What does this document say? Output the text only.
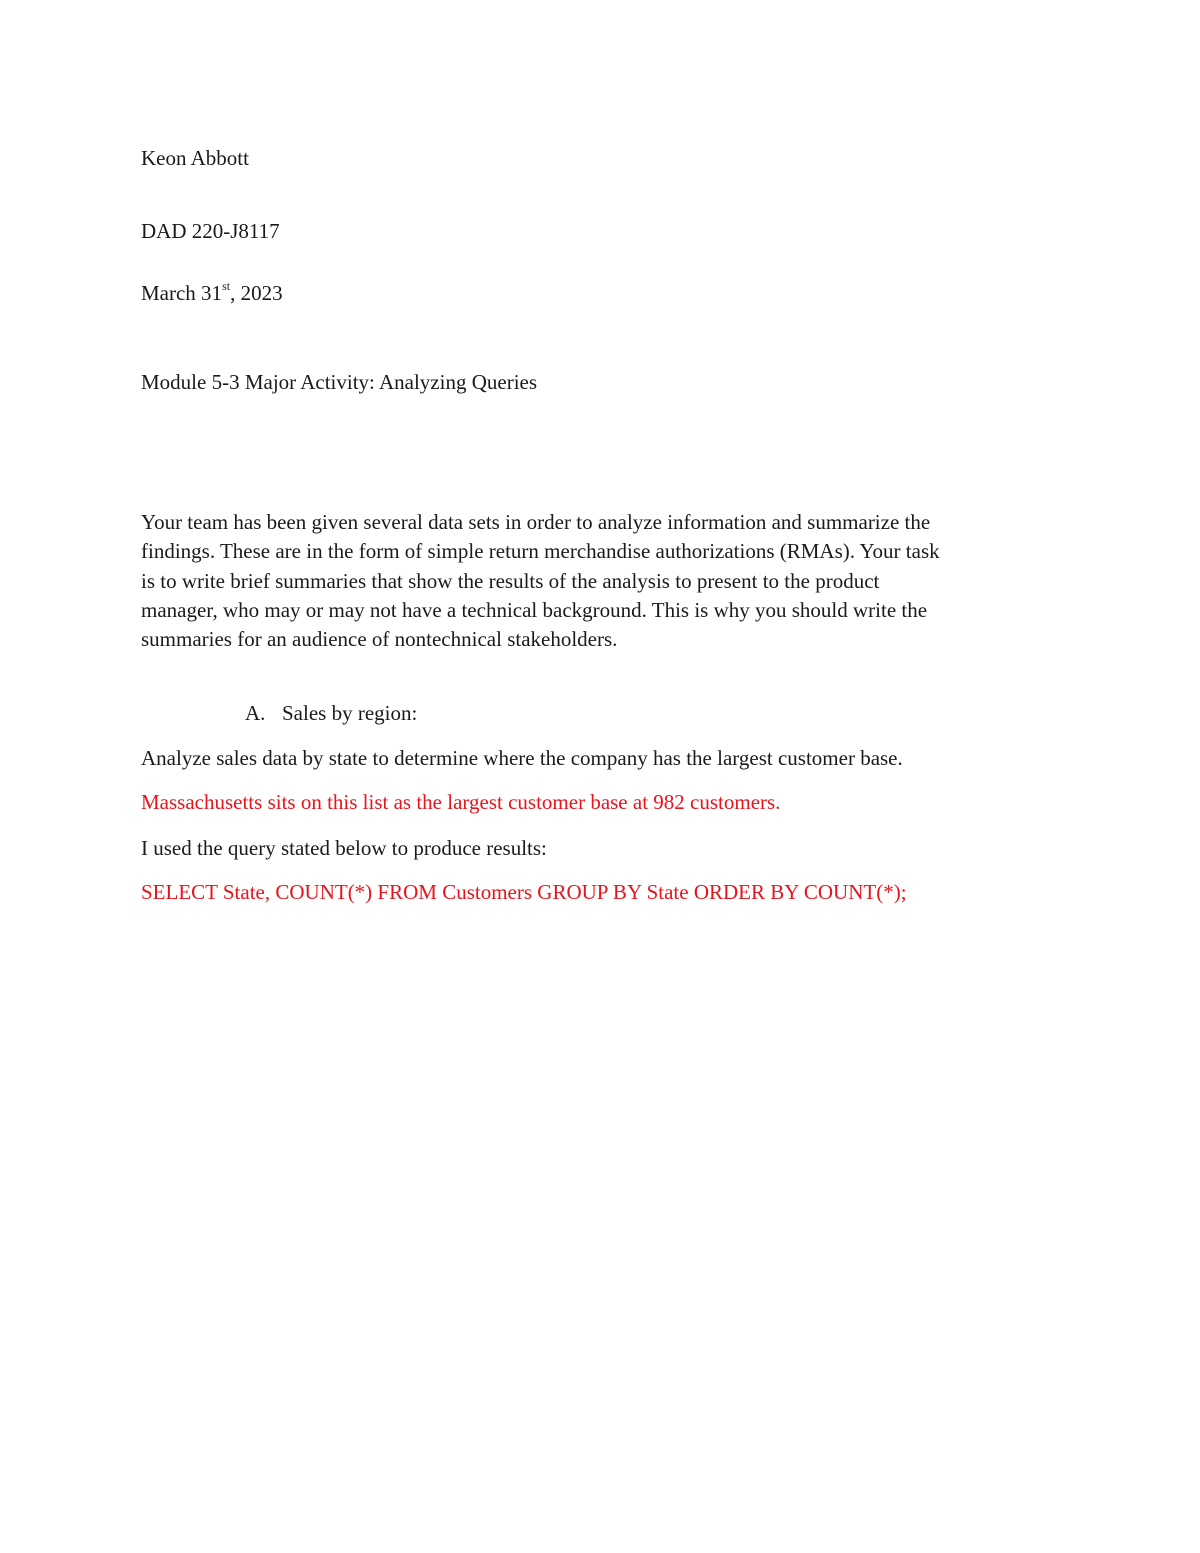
Keon Abbott

DAD 220-J8117

March 31st, 2023

Module 5-3 Major Activity: Analyzing Queries

Your team has been given several data sets in order to analyze information and summarize the
findings. These are in the form of simple return merchandise authorizations (RMAs). Your task
is to write brief summaries that show the results of the analysis to present to the product
manager, who may or may not have a technical background. This is why you should write the
summaries for an audience of nontechnical stakeholders.

A. Sales by region:

Analyze sales data by state to determine where the company has the largest customer base.

Massachusetts sits on this list as the largest customer base at 982 customers.

I used the query stated below to produce results:

SELECT State, COUNT(*) FROM Customers GROUP BY State ORDER BY COUNT(*);
